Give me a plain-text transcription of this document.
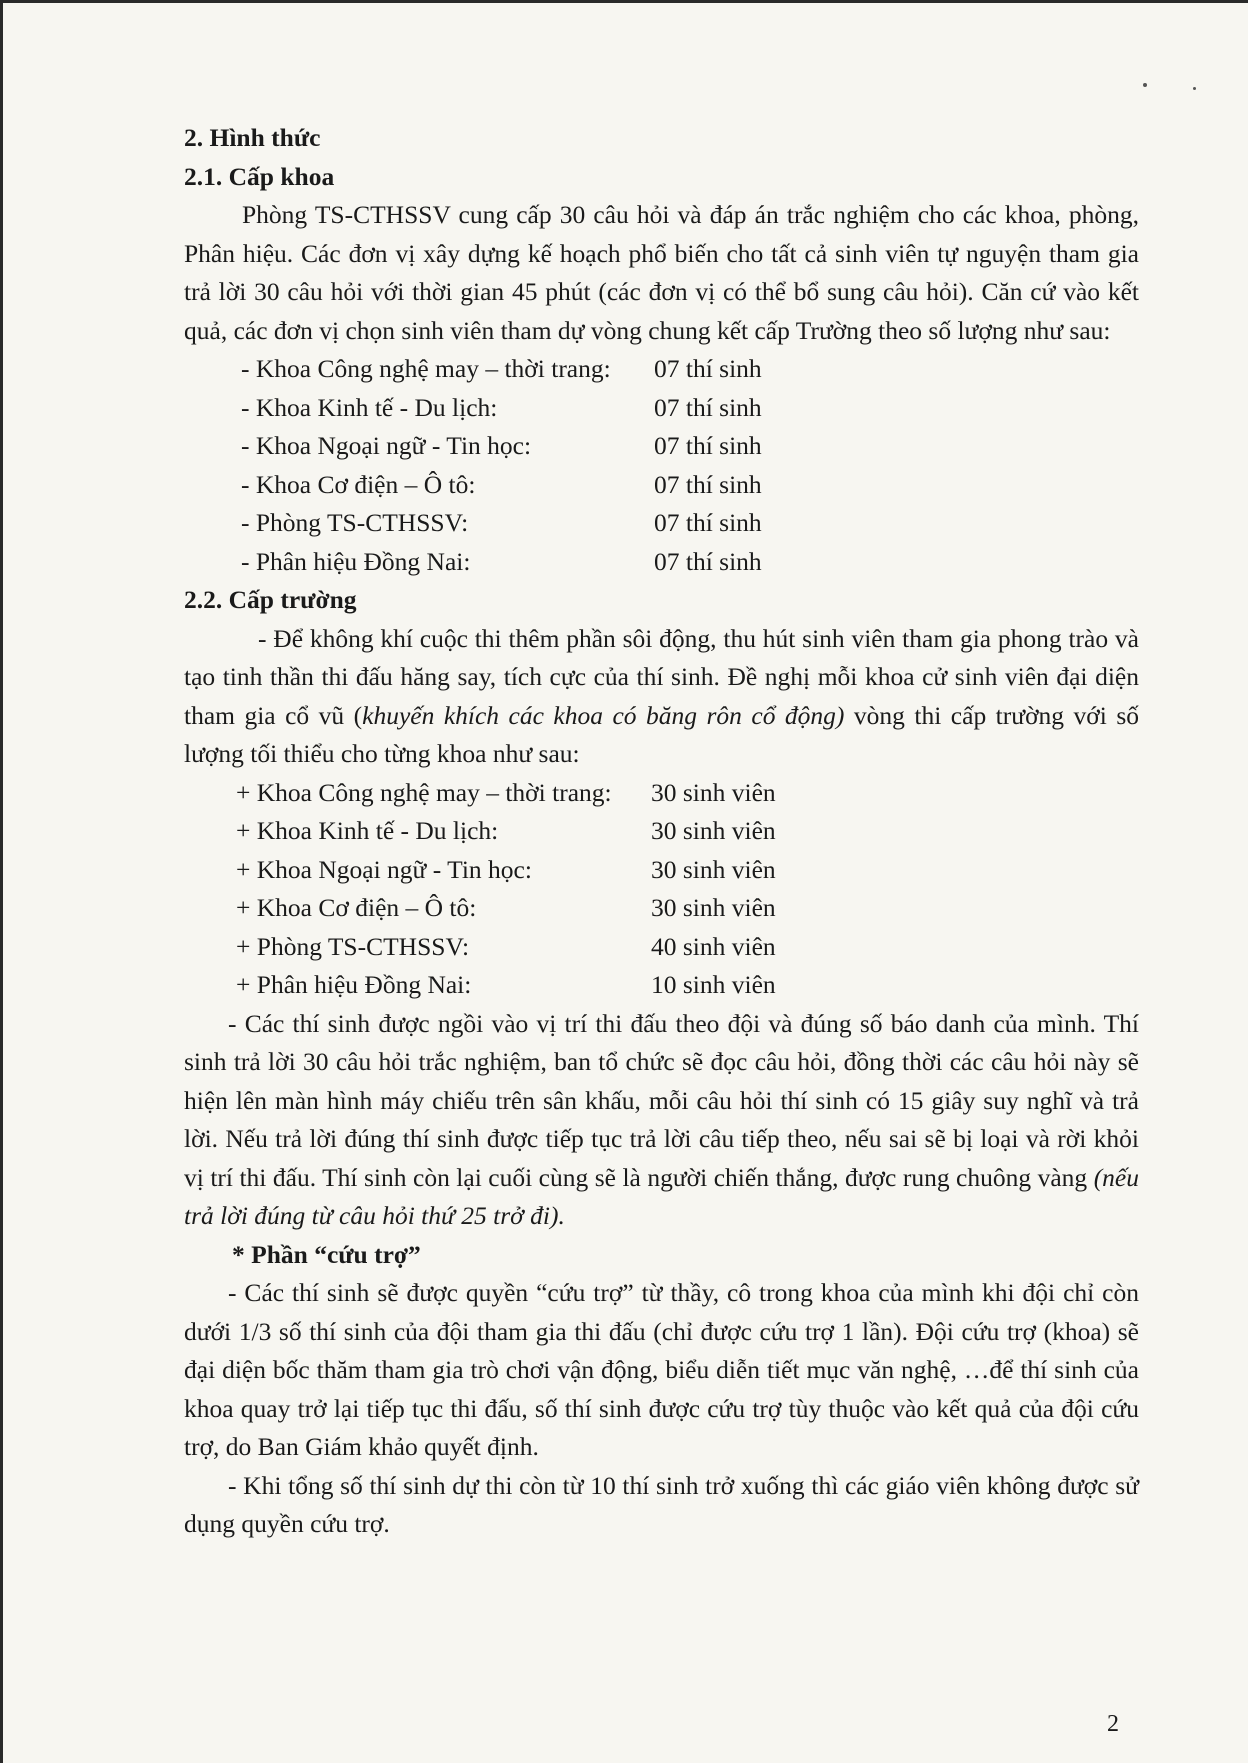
2. Hình thức

2.1. Cấp khoa

Phòng TS-CTHSSV cung cấp 30 câu hỏi và đáp án trắc nghiệm cho các khoa, phòng, Phân hiệu. Các đơn vị xây dựng kế hoạch phổ biến cho tất cả sinh viên tự nguyện tham gia trả lời 30 câu hỏi với thời gian 45 phút (các đơn vị có thể bổ sung câu hỏi). Căn cứ vào kết quả, các đơn vị chọn sinh viên tham dự vòng chung kết cấp Trường theo số lượng như sau:

- Khoa Công nghệ may – thời trang:	07 thí sinh
- Khoa Kinh tế - Du lịch:	07 thí sinh
- Khoa Ngoại ngữ - Tin học:	07 thí sinh
- Khoa Cơ điện – Ô tô:	07 thí sinh
- Phòng TS-CTHSSV:	07 thí sinh
- Phân hiệu Đồng Nai:	07 thí sinh

2.2. Cấp trường

- Để không khí cuộc thi thêm phần sôi động, thu hút sinh viên tham gia phong trào và tạo tinh thần thi đấu hăng say, tích cực của thí sinh. Đề nghị mỗi khoa cử sinh viên đại diện tham gia cổ vũ (khuyến khích các khoa có băng rôn cổ động) vòng thi cấp trường với số lượng tối thiểu cho từng khoa như sau:

+ Khoa Công nghệ may – thời trang:	30 sinh viên
+ Khoa Kinh tế - Du lịch:	30 sinh viên
+ Khoa Ngoại ngữ - Tin học:	30 sinh viên
+ Khoa Cơ điện – Ô tô:	30 sinh viên
+ Phòng TS-CTHSSV:	40 sinh viên
+ Phân hiệu Đồng Nai:	10 sinh viên

- Các thí sinh được ngồi vào vị trí thi đấu theo đội và đúng số báo danh của mình. Thí sinh trả lời 30 câu hỏi trắc nghiệm, ban tổ chức sẽ đọc câu hỏi, đồng thời các câu hỏi này sẽ hiện lên màn hình máy chiếu trên sân khấu, mỗi câu hỏi thí sinh có 15 giây suy nghĩ và trả lời. Nếu trả lời đúng thí sinh được tiếp tục trả lời câu tiếp theo, nếu sai sẽ bị loại và rời khỏi vị trí thi đấu. Thí sinh còn lại cuối cùng sẽ là người chiến thắng, được rung chuông vàng (nếu trả lời đúng từ câu hỏi thứ 25 trở đi).

* Phần “cứu trợ”

- Các thí sinh sẽ được quyền “cứu trợ” từ thầy, cô trong khoa của mình khi đội chỉ còn dưới 1/3 số thí sinh của đội tham gia thi đấu (chỉ được cứu trợ 1 lần). Đội cứu trợ (khoa) sẽ đại diện bốc thăm tham gia trò chơi vận động, biểu diễn tiết mục văn nghệ, …để thí sinh của khoa quay trở lại tiếp tục thi đấu, số thí sinh được cứu trợ tùy thuộc vào kết quả của đội cứu trợ, do Ban Giám khảo quyết định.

- Khi tổng số thí sinh dự thi còn từ 10 thí sinh trở xuống thì các giáo viên không được sử dụng quyền cứu trợ.

2
